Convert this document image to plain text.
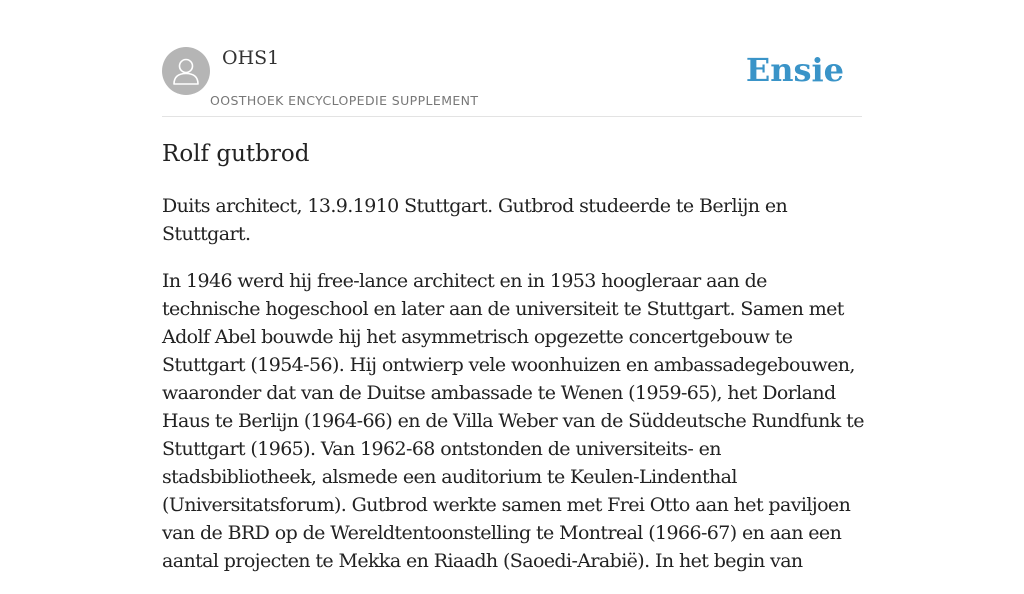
OHS1
OOSTHOEK ENCYCLOPEDIE SUPPLEMENT
Ensie
Rolf gutbrod

Duits architect, 13.9.1910 Stuttgart. Gutbrod studeerde te Berlijn en Stuttgart.

In 1946 werd hij free-lance architect en in 1953 hoogleraar aan de technische hogeschool en later aan de universiteit te Stuttgart. Samen met Adolf Abel bouwde hij het asymmetrisch opgezette concertgebouw te Stuttgart (1954-56). Hij ontwierp vele woonhuizen en ambassadegebouwen, waaronder dat van de Duitse ambassade te Wenen (1959-65), het Dorland Haus te Berlijn (1964-66) en de Villa Weber van de Süddeutsche Rundfunk te Stuttgart (1965). Van 1962-68 ontstonden de universiteits- en stadsbibliotheek, alsmede een auditorium te Keulen-Lindenthal (Universitatsforum). Gutbrod werkte samen met Frei Otto aan het paviljoen van de BRD op de Wereldtentoonstelling te Montreal (1966-67) en aan een aantal projecten te Mekka en Riaadh (Saoedi-Arabië). In het begin van
